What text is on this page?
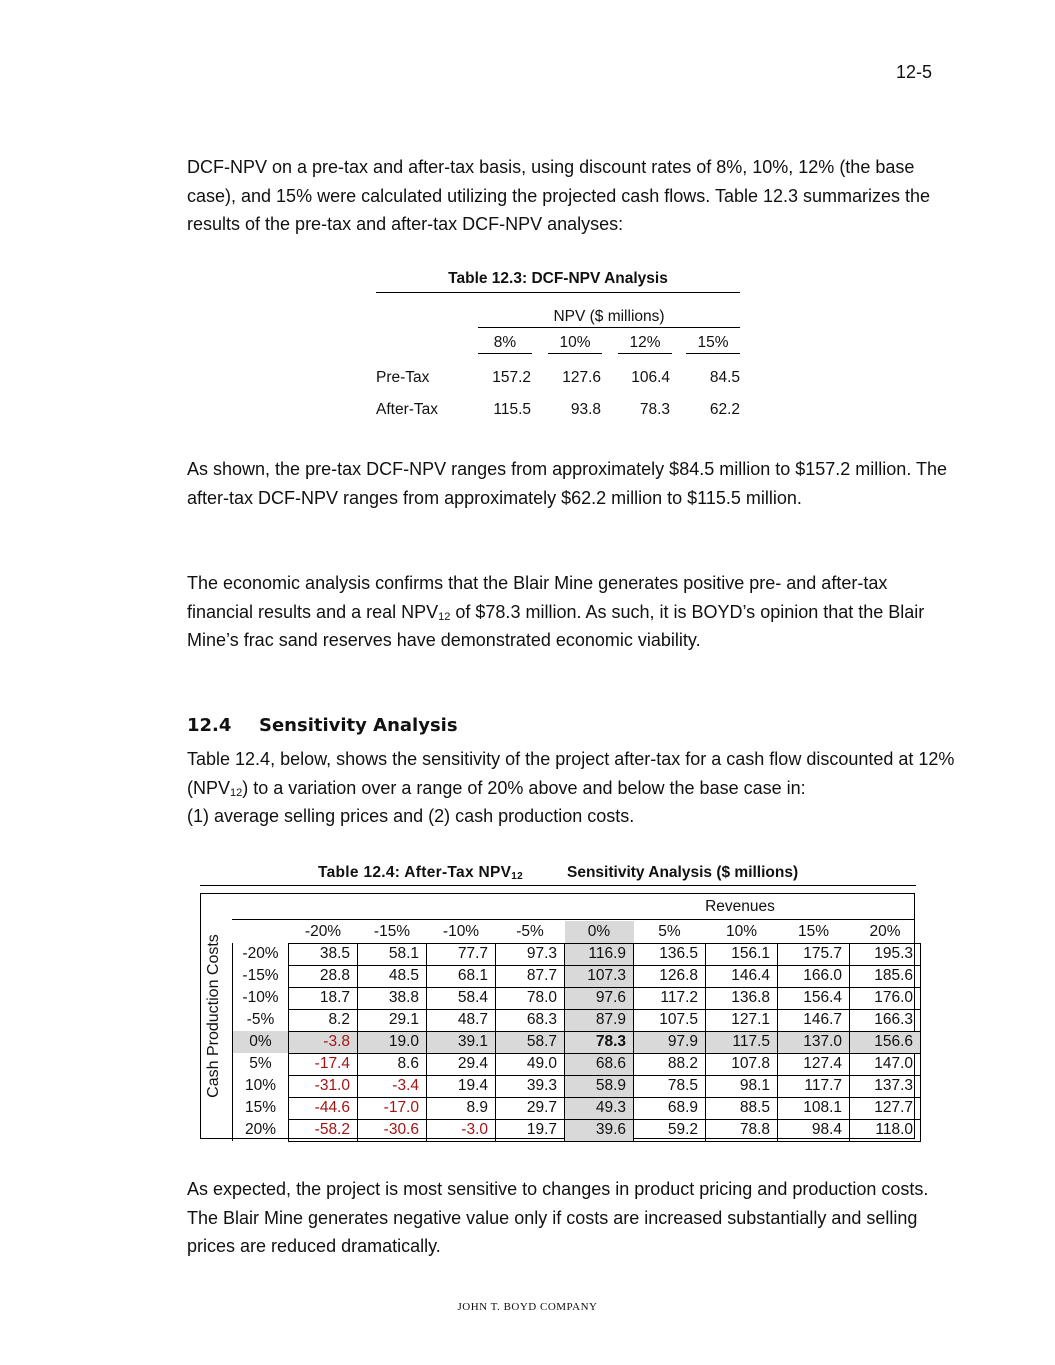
12-5

DCF-NPV on a pre-tax and after-tax basis, using discount rates of 8%, 10%, 12% (the base case), and 15% were calculated utilizing the projected cash flows. Table 12.3 summarizes the results of the pre-tax and after-tax DCF-NPV analyses:

Table 12.3: DCF-NPV Analysis
NPV ($ millions)
8%	10%	12%	15%
Pre-Tax	157.2	127.6	106.4	84.5
After-Tax	115.5	93.8	78.3	62.2

As shown, the pre-tax DCF-NPV ranges from approximately $84.5 million to $157.2 million. The after-tax DCF-NPV ranges from approximately $62.2 million to $115.5 million.

The economic analysis confirms that the Blair Mine generates positive pre- and after-tax financial results and a real $NPV_{12}$ of $78.3 million. As such, it is BOYD’s opinion that the Blair Mine’s frac sand reserves have demonstrated economic viability.

12.4 Sensitivity Analysis

Table 12.4, below, shows the sensitivity of the project after-tax for a cash flow discounted at 12% $(NPV_{12})$ to a variation over a range of 20% above and below the base case in:
(1) average selling prices and (2) cash production costs.

Table 12.4: After-Tax $NPV_{12}$	Sensitivity Analysis ($ millions)
Cash Production Costs
Revenues
	-20%	-15%	-10%	-5%	0%	5%	10%	15%	20%
-20%	38.5	58.1	77.7	97.3	116.9	136.5	156.1	175.7	195.3
-15%	28.8	48.5	68.1	87.7	107.3	126.8	146.4	166.0	185.6
-10%	18.7	38.8	58.4	78.0	97.6	117.2	136.8	156.4	176.0
-5%	8.2	29.1	48.7	68.3	87.9	107.5	127.1	146.7	166.3
0%	-3.8	19.0	39.1	58.7	78.3	97.9	117.5	137.0	156.6
5%	-17.4	8.6	29.4	49.0	68.6	88.2	107.8	127.4	147.0
10%	-31.0	-3.4	19.4	39.3	58.9	78.5	98.1	117.7	137.3
15%	-44.6	-17.0	8.9	29.7	49.3	68.9	88.5	108.1	127.7
20%	-58.2	-30.6	-3.0	19.7	39.6	59.2	78.8	98.4	118.0

As expected, the project is most sensitive to changes in product pricing and production costs. The Blair Mine generates negative value only if costs are increased substantially and selling prices are reduced dramatically.

JOHN T. BOYD COMPANY
